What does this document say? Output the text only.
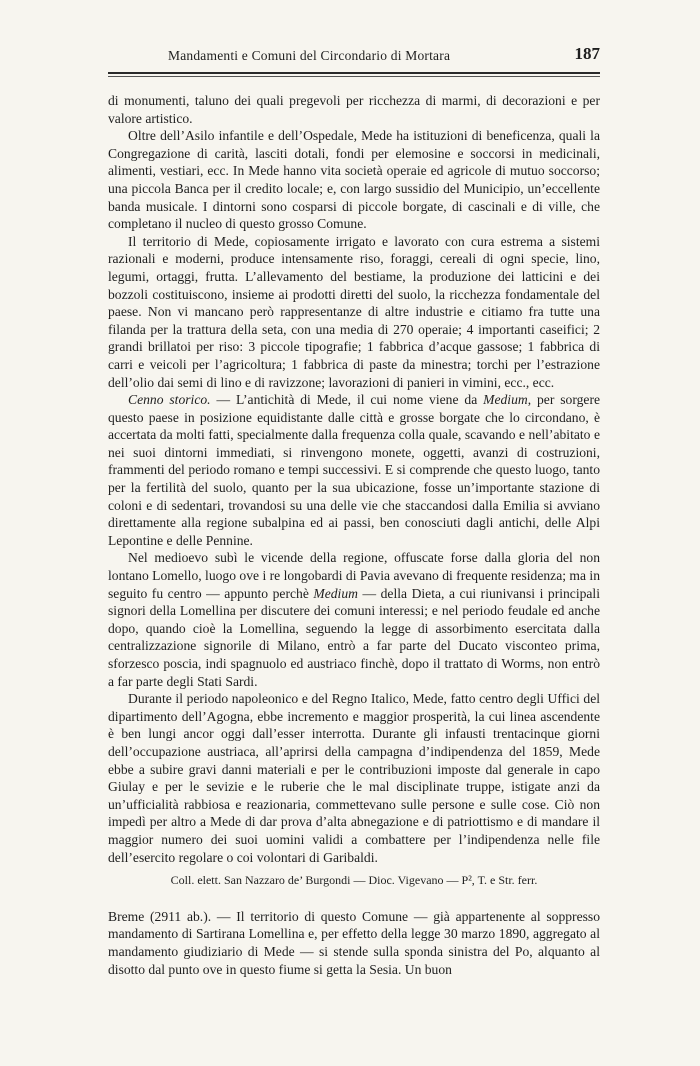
Mandamenti e Comuni del Circondario di Mortara	187

di monumenti, taluno dei quali pregevoli per ricchezza di marmi, di decorazioni e per valore artistico.

Oltre dell’Asilo infantile e dell’Ospedale, Mede ha istituzioni di beneficenza, quali la Congregazione di carità, lasciti dotali, fondi per elemosine e soccorsi in medicinali, alimenti, vestiari, ecc. In Mede hanno vita società operaie ed agricole di mutuo soccorso; una piccola Banca per il credito locale; e, con largo sussidio del Municipio, un’eccellente banda musicale. I dintorni sono cosparsi di piccole borgate, di cascinali e di ville, che completano il nucleo di questo grosso Comune.

Il territorio di Mede, copiosamente irrigato e lavorato con cura estrema a sistemi razionali e moderni, produce intensamente riso, foraggi, cereali di ogni specie, lino, legumi, ortaggi, frutta. L’allevamento del bestiame, la produzione dei latticini e dei bozzoli costituiscono, insieme ai prodotti diretti del suolo, la ricchezza fondamentale del paese. Non vi mancano però rappresentanze di altre industrie e citiamo fra tutte una filanda per la trattura della seta, con una media di 270 operaie; 4 importanti caseifici; 2 grandi brillatoi per riso: 3 piccole tipografie; 1 fabbrica d’acque gassose; 1 fabbrica di carri e veicoli per l’agricoltura; 1 fabbrica di paste da minestra; torchi per l’estrazione dell’olio dai semi di lino e di ravizzone; lavorazioni di panieri in vimini, ecc., ecc.

Cenno storico. — L’antichità di Mede, il cui nome viene da Medium, per sorgere questo paese in posizione equidistante dalle città e grosse borgate che lo circondano, è accertata da molti fatti, specialmente dalla frequenza colla quale, scavando e nell’abitato e nei suoi dintorni immediati, si rinvengono monete, oggetti, avanzi di costruzioni, frammenti del periodo romano e tempi successivi. E si comprende che questo luogo, tanto per la fertilità del suolo, quanto per la sua ubicazione, fosse un’importante stazione di coloni e di sedentari, trovandosi su una delle vie che staccandosi dalla Emilia si avviano direttamente alla regione subalpina ed ai passi, ben conosciuti dagli antichi, delle Alpi Lepontine e delle Pennine.

Nel medioevo subì le vicende della regione, offuscate forse dalla gloria del non lontano Lomello, luogo ove i re longobardi di Pavia avevano di frequente residenza; ma in seguito fu centro — appunto perchè Medium — della Dieta, a cui riunivansi i principali signori della Lomellina per discutere dei comuni interessi; e nel periodo feudale ed anche dopo, quando cioè la Lomellina, seguendo la legge di assorbimento esercitata dalla centralizzazione signorile di Milano, entrò a far parte del Ducato visconteo prima, sforzesco poscia, indi spagnuolo ed austriaco finchè, dopo il trattato di Worms, non entrò a far parte degli Stati Sardi.

Durante il periodo napoleonico e del Regno Italico, Mede, fatto centro degli Uffici del dipartimento dell’Agogna, ebbe incremento e maggior prosperità, la cui linea ascendente è ben lungi ancor oggi dall’esser interrotta. Durante gli infausti trentacinque giorni dell’occupazione austriaca, all’aprirsi della campagna d’indipendenza del 1859, Mede ebbe a subire gravi danni materiali e per le contribuzioni imposte dal generale in capo Giulay e per le sevizie e le ruberie che le mal disciplinate truppe, istigate anzi da un’ufficialità rabbiosa e reazionaria, commettevano sulle persone e sulle cose. Ciò non impedì per altro a Mede di dar prova d’alta abnegazione e di patriottismo e di mandare il maggior numero dei suoi uomini validi a combattere per l’indipendenza nelle file dell’esercito regolare o coi volontari di Garibaldi.

Coll. elett. San Nazzaro de’ Burgondi — Dioc. Vigevano — P², T. e Str. ferr.

Breme (2911 ab.). — Il territorio di questo Comune — già appartenente al soppresso mandamento di Sartirana Lomellina e, per effetto della legge 30 marzo 1890, aggregato al mandamento giudiziario di Mede — si stende sulla sponda sinistra del Po, alquanto al disotto dal punto ove in questo fiume si getta la Sesia. Un buon
